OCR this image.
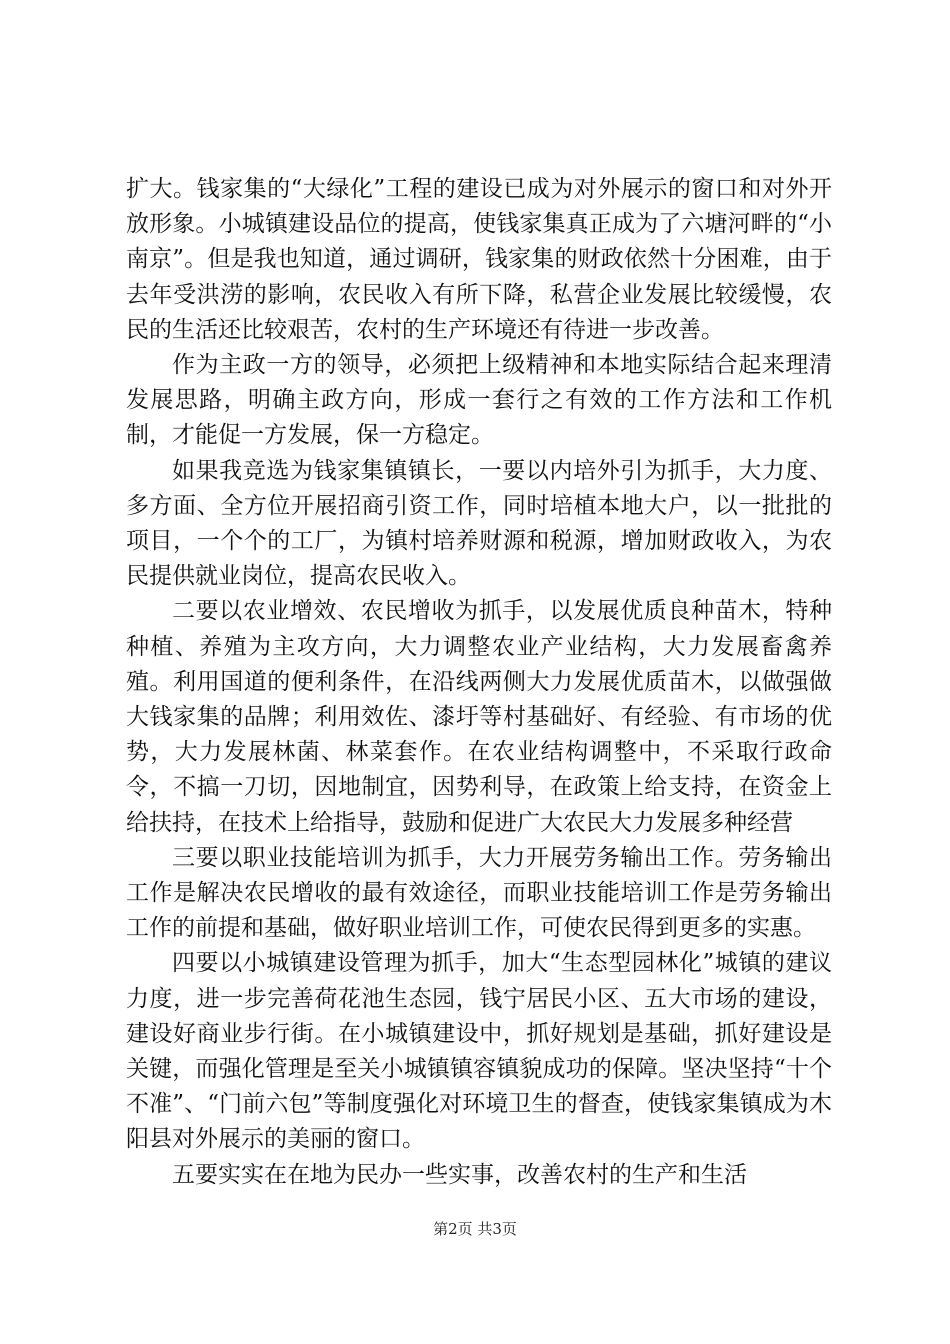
扩大。钱家集的“大绿化”工程的建设已成为对外展示的窗口和对外开放形象。小城镇建设品位的提高，使钱家集真正成为了六塘河畔的“小南京”。但是我也知道，通过调研，钱家集的财政依然十分困难，由于去年受洪涝的影响，农民收入有所下降，私营企业发展比较缓慢，农民的生活还比较艰苦，农村的生产环境还有待进一步改善。

作为主政一方的领导，必须把上级精神和本地实际结合起来理清发展思路，明确主政方向，形成一套行之有效的工作方法和工作机制，才能促一方发展，保一方稳定。

如果我竞选为钱家集镇镇长，一要以内培外引为抓手，大力度、多方面、全方位开展招商引资工作，同时培植本地大户，以一批批的项目，一个个的工厂，为镇村培养财源和税源，增加财政收入，为农民提供就业岗位，提高农民收入。

二要以农业增效、农民增收为抓手，以发展优质良种苗木，特种种植、养殖为主攻方向，大力调整农业产业结构，大力发展畜禽养殖。利用国道的便利条件，在沿线两侧大力发展优质苗木，以做强做大钱家集的品牌；利用效佐、漆圩等村基础好、有经验、有市场的优势，大力发展林菌、林菜套作。在农业结构调整中，不采取行政命令，不搞一刀切，因地制宜，因势利导，在政策上给支持，在资金上给扶持，在技术上给指导，鼓励和促进广大农民大力发展多种经营

三要以职业技能培训为抓手，大力开展劳务输出工作。劳务输出工作是解决农民增收的最有效途径，而职业技能培训工作是劳务输出工作的前提和基础，做好职业培训工作，可使农民得到更多的实惠。

四要以小城镇建设管理为抓手，加大“生态型园林化”城镇的建议力度，进一步完善荷花池生态园，钱宁居民小区、五大市场的建设，建设好商业步行街。在小城镇建设中，抓好规划是基础，抓好建设是关键，而强化管理是至关小城镇镇容镇貌成功的保障。坚决坚持“十个不准”、“门前六包”等制度强化对环境卫生的督查，使钱家集镇成为木阳县对外展示的美丽的窗口。

五要实实在在地为民办一些实事，改善农村的生产和生活

第2页 共3页
